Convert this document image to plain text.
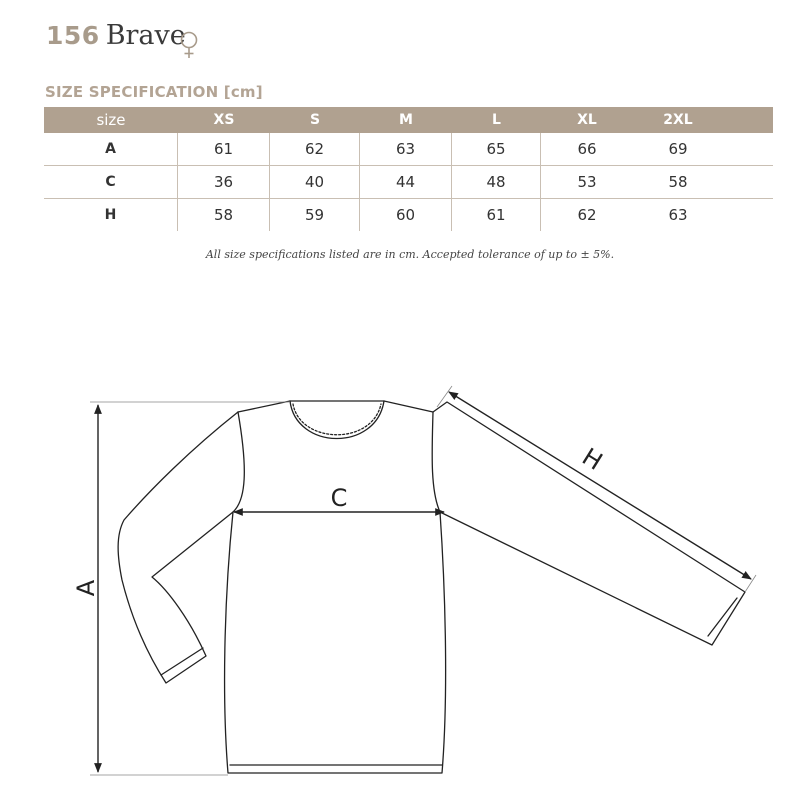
156 Brave
SIZE SPECIFICATION [cm]
size	XS	S	M	L	XL	2XL
A	61	62	63	65	66	69
C	36	40	44	48	53	58
H	58	59	60	61	62	63
All size specifications listed are in cm. Accepted tolerance of up to ± 5%.
A
C
H
